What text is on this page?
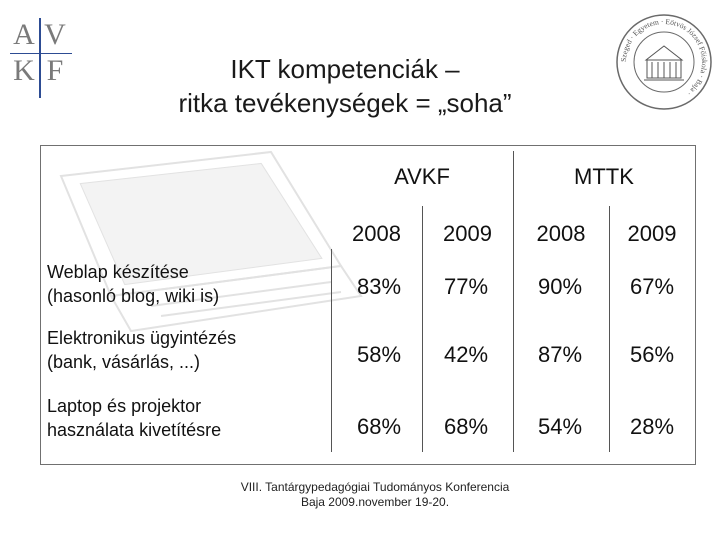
A V
K F	Szeged · Egyetem · Eötvös József Főiskola · Baja ·
IKT kompetenciák –
ritka tevékenységek = „soha”
AVKF	MTTK
2008	2009	2008	2009
Weblap készítése
(hasonló blog, wiki is)	83%	77%	90%	67%
Elektronikus ügyintézés
(bank, vásárlás, ...)	58%	42%	87%	56%
Laptop és projektor
használata kivetítésre	68%	68%	54%	28%
VIII. Tantárgypedagógiai Tudományos Konferencia
Baja 2009.november 19-20.
